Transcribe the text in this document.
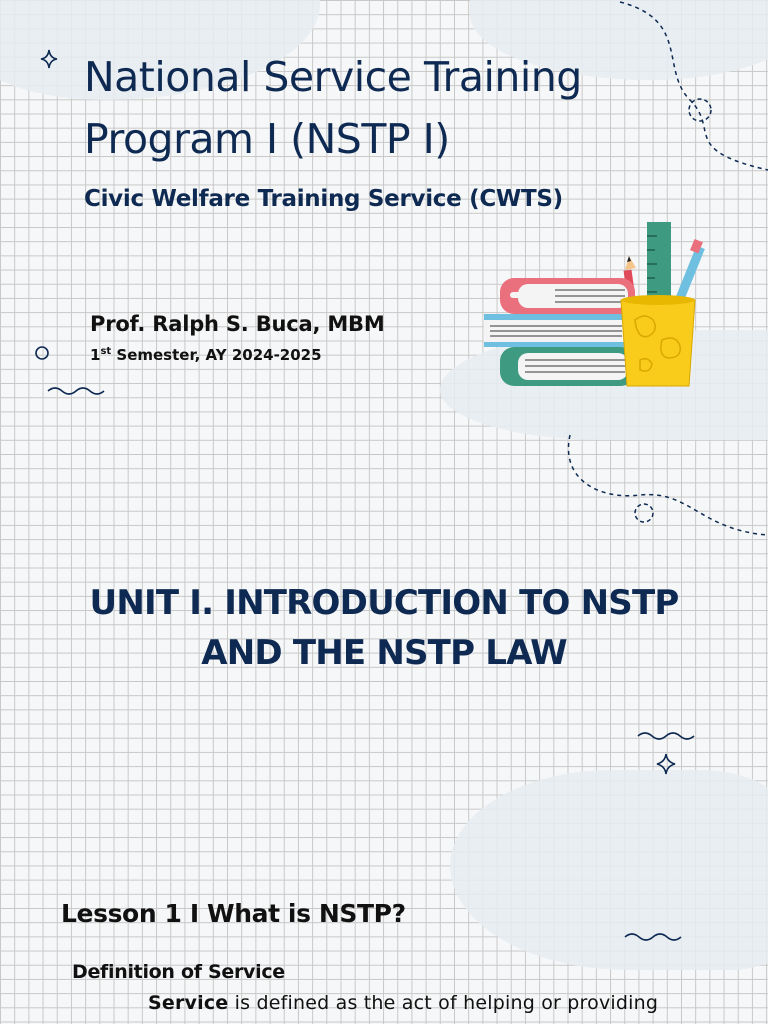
National Service Training
Program I (NSTP I)
Civic Welfare Training Service (CWTS)
Prof. Ralph S. Buca, MBM
1st Semester, AY 2024-2025
UNIT I. INTRODUCTION TO NSTP
AND THE NSTP LAW
Lesson 1 I What is NSTP?
Definition of Service
Service is defined as the act of helping or providing
